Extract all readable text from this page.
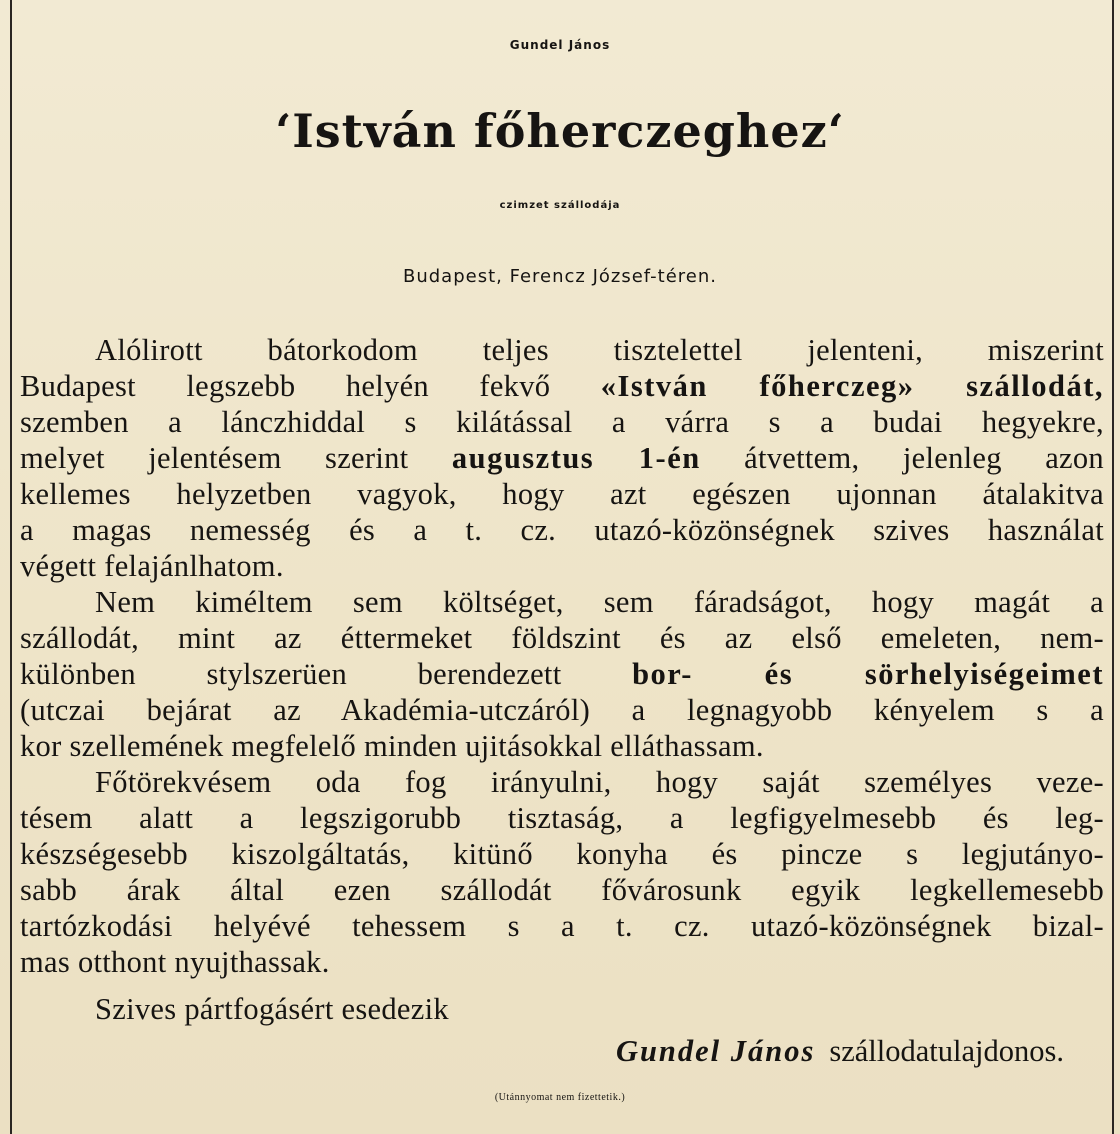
Gundel János
‘István főherczeghez‘
czimzet szállodája
Budapest, Ferencz József-téren.
Alólirott bátorkodom teljes tisztelettel jelenteni, miszerint
Budapest legszebb helyén fekvő «István főherczeg» szállodát,
szemben a lánczhiddal s kilátással a várra s a budai hegyekre,
melyet jelentésem szerint augusztus 1-én átvettem, jelenleg azon
kellemes helyzetben vagyok, hogy azt egészen ujonnan átalakitva
a magas nemesség és a t. cz. utazó-közönségnek szives használat
végett felajánlhatom.
Nem kiméltem sem költséget, sem fáradságot, hogy magát a
szállodát, mint az éttermeket földszint és az első emeleten, nem-
különben stylszerüen berendezett bor- és sörhelyiségeimet
(utczai bejárat az Akadémia-utczáról) a legnagyobb kényelem s a
kor szellemének megfelelő minden ujitásokkal elláthassam.
Főtörekvésem oda fog irányulni, hogy saját személyes veze-
tésem alatt a legszigorubb tisztaság, a legfigyelmesebb és leg-
készségesebb kiszolgáltatás, kitünő konyha és pincze s legjutányo-
sabb árak által ezen szállodát fővárosunk egyik legkellemesebb
tartózkodási helyévé tehessem s a t. cz. utazó-közönségnek bizal-
mas otthont nyujthassak.
Szives pártfogásért esedezik
Gundel János szállodatulajdonos.
(Utánnyomat nem fizettetik.)
